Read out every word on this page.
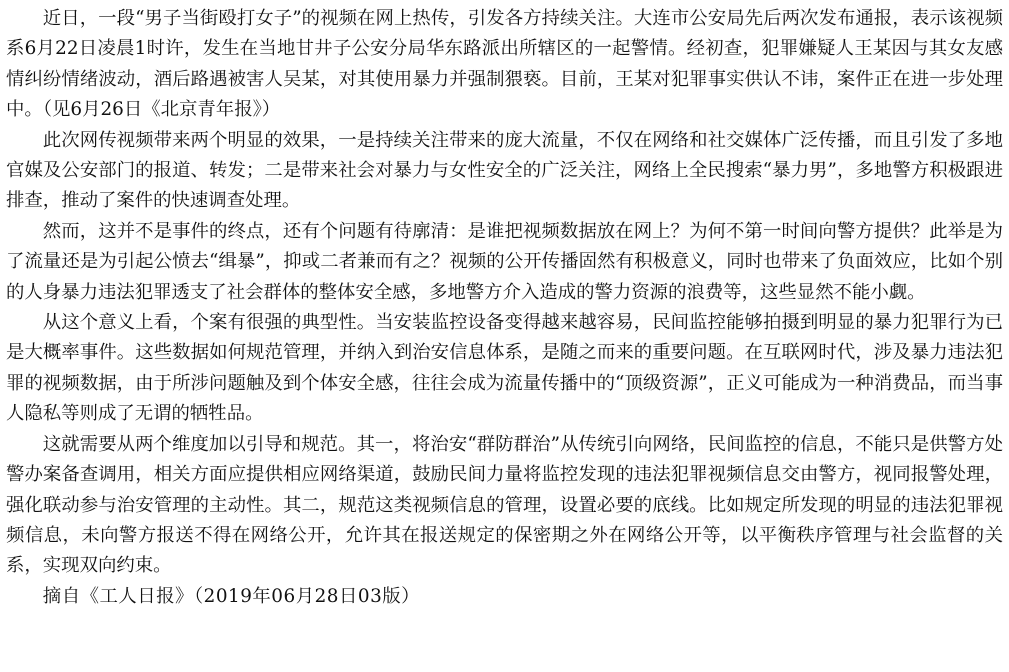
近日，一段“男子当街殴打女子”的视频在网上热传，引发各方持续关注。大连市公安局先后两次发布通报，表示该视频系6月22日凌晨1时许，发生在当地甘井子公安分局华东路派出所辖区的一起警情。经初查，犯罪嫌疑人王某因与其女友感情纠纷情绪波动，酒后路遇被害人吴某，对其使用暴力并强制猥亵。目前，王某对犯罪事实供认不讳，案件正在进一步处理中。（见6月26日《北京青年报》）

此次网传视频带来两个明显的效果，一是持续关注带来的庞大流量，不仅在网络和社交媒体广泛传播，而且引发了多地官媒及公安部门的报道、转发；二是带来社会对暴力与女性安全的广泛关注，网络上全民搜索“暴力男”，多地警方积极跟进排查，推动了案件的快速调查处理。

然而，这并不是事件的终点，还有个问题有待廓清：是谁把视频数据放在网上？为何不第一时间向警方提供？此举是为了流量还是为引起公愤去“缉暴”，抑或二者兼而有之？视频的公开传播固然有积极意义，同时也带来了负面效应，比如个别的人身暴力违法犯罪透支了社会群体的整体安全感，多地警方介入造成的警力资源的浪费等，这些显然不能小觑。

从这个意义上看，个案有很强的典型性。当安装监控设备变得越来越容易，民间监控能够拍摄到明显的暴力犯罪行为已是大概率事件。这些数据如何规范管理，并纳入到治安信息体系，是随之而来的重要问题。在互联网时代，涉及暴力违法犯罪的视频数据，由于所涉问题触及到个体安全感，往往会成为流量传播中的“顶级资源”，正义可能成为一种消费品，而当事人隐私等则成了无谓的牺牲品。

这就需要从两个维度加以引导和规范。其一，将治安“群防群治”从传统引向网络，民间监控的信息，不能只是供警方处警办案备查调用，相关方面应提供相应网络渠道，鼓励民间力量将监控发现的违法犯罪视频信息交由警方，视同报警处理，强化联动参与治安管理的主动性。其二，规范这类视频信息的管理，设置必要的底线。比如规定所发现的明显的违法犯罪视频信息，未向警方报送不得在网络公开，允许其在报送规定的保密期之外在网络公开等，以平衡秩序管理与社会监督的关系，实现双向约束。

摘自《工人日报》（2019年06月28日03版）
